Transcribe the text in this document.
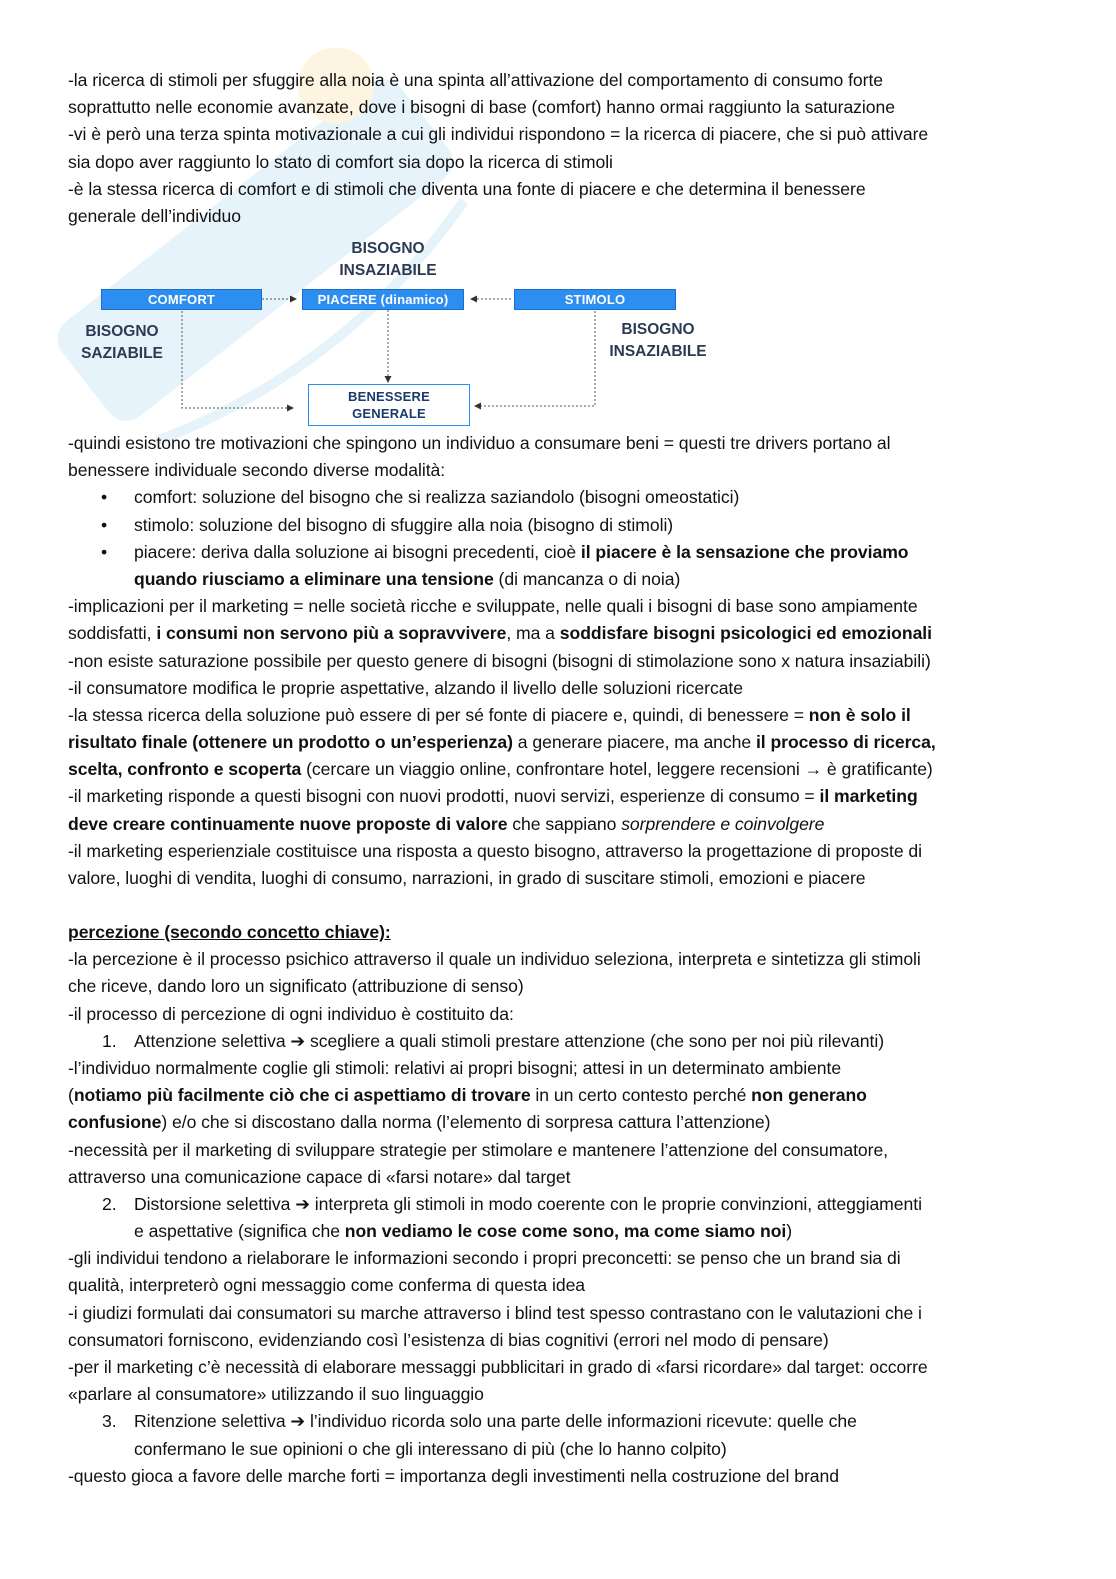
-la ricerca di stimoli per sfuggire alla noia è una spinta all’attivazione del comportamento di consumo forte
soprattutto nelle economie avanzate, dove i bisogni di base (comfort) hanno ormai raggiunto la saturazione
-vi è però una terza spinta motivazionale a cui gli individui rispondono = la ricerca di piacere, che si può attivare
sia dopo aver raggiunto lo stato di comfort sia dopo la ricerca di stimoli
-è la stessa ricerca di comfort e di stimoli che diventa una fonte di piacere e che determina il benessere
generale dell’individuo
BISOGNO
INSAZIABILE
COMFORT	PIACERE (dinamico)	STIMOLO
BISOGNO
SAZIABILE
BISOGNO
INSAZIABILE
BENESSERE
GENERALE
-quindi esistono tre motivazioni che spingono un individuo a consumare beni = questi tre drivers portano al
benessere individuale secondo diverse modalità:
• comfort: soluzione del bisogno che si realizza saziandolo (bisogni omeostatici)
• stimolo: soluzione del bisogno di sfuggire alla noia (bisogno di stimoli)
• piacere: deriva dalla soluzione ai bisogni precedenti, cioè il piacere è la sensazione che proviamo
quando riusciamo a eliminare una tensione (di mancanza o di noia)
-implicazioni per il marketing = nelle società ricche e sviluppate, nelle quali i bisogni di base sono ampiamente
soddisfatti, i consumi non servono più a sopravvivere, ma a soddisfare bisogni psicologici ed emozionali
-non esiste saturazione possibile per questo genere di bisogni (bisogni di stimolazione sono x natura insaziabili)
-il consumatore modifica le proprie aspettative, alzando il livello delle soluzioni ricercate
-la stessa ricerca della soluzione può essere di per sé fonte di piacere e, quindi, di benessere = non è solo il
risultato finale (ottenere un prodotto o un’esperienza) a generare piacere, ma anche il processo di ricerca,
scelta, confronto e scoperta (cercare un viaggio online, confrontare hotel, leggere recensioni → è gratificante)
-il marketing risponde a questi bisogni con nuovi prodotti, nuovi servizi, esperienze di consumo = il marketing
deve creare continuamente nuove proposte di valore che sappiano sorprendere e coinvolgere
-il marketing esperienziale costituisce una risposta a questo bisogno, attraverso la progettazione di proposte di
valore, luoghi di vendita, luoghi di consumo, narrazioni, in grado di suscitare stimoli, emozioni e piacere
percezione (secondo concetto chiave):
-la percezione è il processo psichico attraverso il quale un individuo seleziona, interpreta e sintetizza gli stimoli
che riceve, dando loro un significato (attribuzione di senso)
-il processo di percezione di ogni individuo è costituito da:
1. Attenzione selettiva ➔ scegliere a quali stimoli prestare attenzione (che sono per noi più rilevanti)
-l’individuo normalmente coglie gli stimoli: relativi ai propri bisogni; attesi in un determinato ambiente
(notiamo più facilmente ciò che ci aspettiamo di trovare in un certo contesto perché non generano
confusione) e/o che si discostano dalla norma (l’elemento di sorpresa cattura l’attenzione)
-necessità per il marketing di sviluppare strategie per stimolare e mantenere l’attenzione del consumatore,
attraverso una comunicazione capace di «farsi notare» dal target
2. Distorsione selettiva ➔ interpreta gli stimoli in modo coerente con le proprie convinzioni, atteggiamenti
e aspettative (significa che non vediamo le cose come sono, ma come siamo noi)
-gli individui tendono a rielaborare le informazioni secondo i propri preconcetti: se penso che un brand sia di
qualità, interpreterò ogni messaggio come conferma di questa idea
-i giudizi formulati dai consumatori su marche attraverso i blind test spesso contrastano con le valutazioni che i
consumatori forniscono, evidenziando così l’esistenza di bias cognitivi (errori nel modo di pensare)
-per il marketing c’è necessità di elaborare messaggi pubblicitari in grado di «farsi ricordare» dal target: occorre
«parlare al consumatore» utilizzando il suo linguaggio
3. Ritenzione selettiva ➔ l’individuo ricorda solo una parte delle informazioni ricevute: quelle che
confermano le sue opinioni o che gli interessano di più (che lo hanno colpito)
-questo gioca a favore delle marche forti = importanza degli investimenti nella costruzione del brand
